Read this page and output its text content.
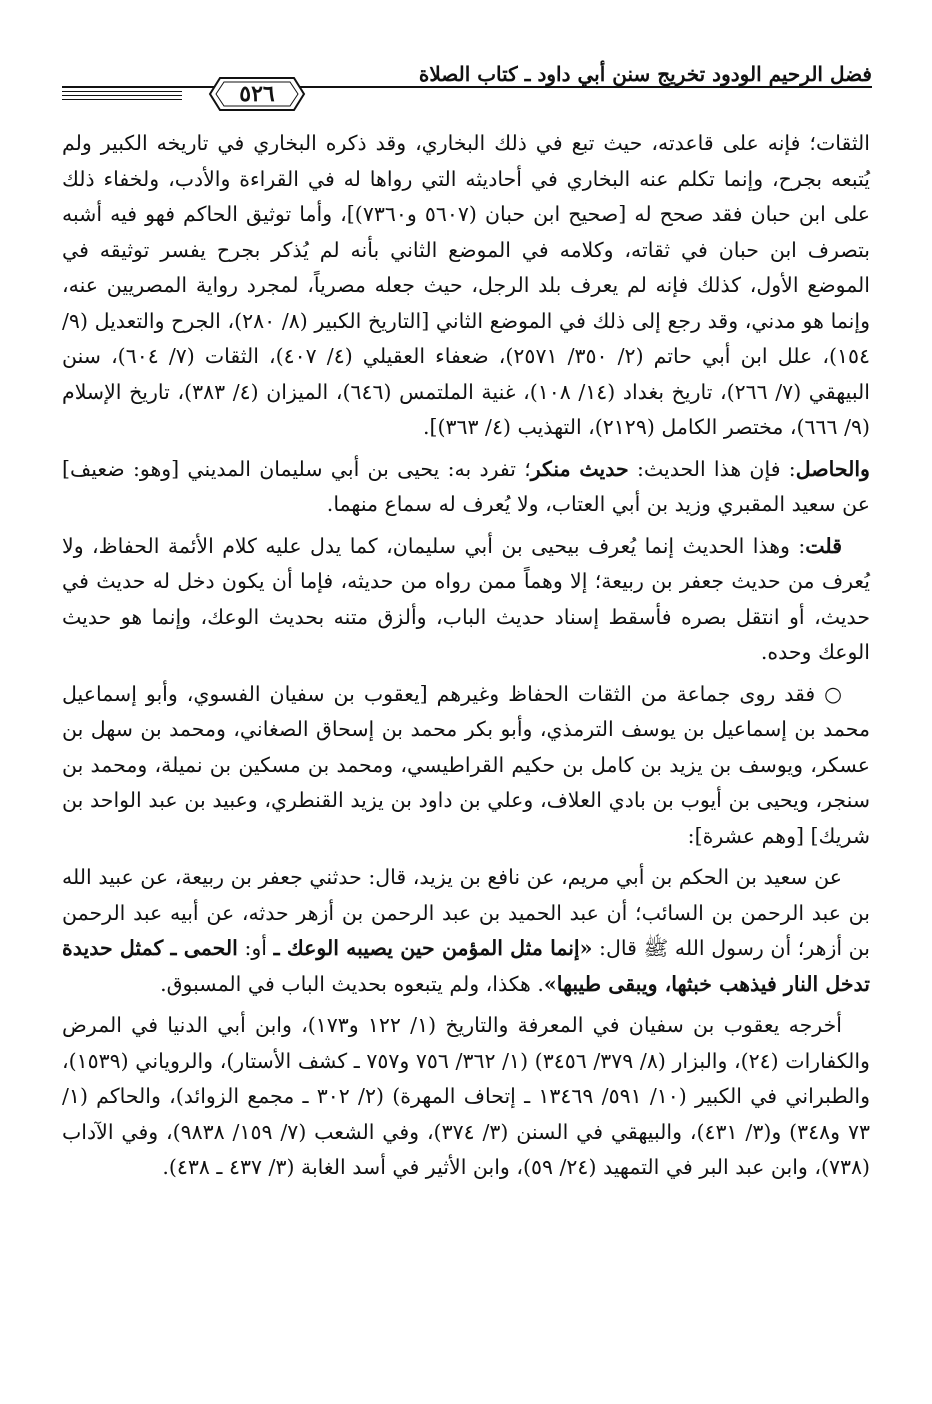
فضل الرحيم الودود تخريج سنن أبي داود ـ كتاب الصلاة
٥٢٦

الثقات؛ فإنه على قاعدته، حيث تبع في ذلك البخاري، وقد ذكره البخاري في تاريخه الكبير ولم يُتبعه بجرح، وإنما تكلم عنه البخاري في أحاديثه التي رواها له في القراءة والأدب، ولخفاء ذلك على ابن حبان فقد صحح له [صحيح ابن حبان (٥٦٠٧ و٧٣٦٠)]، وأما توثيق الحاكم فهو فيه أشبه بتصرف ابن حبان في ثقاته، وكلامه في الموضع الثاني بأنه لم يُذكر بجرح يفسر توثيقه في الموضع الأول، كذلك فإنه لم يعرف بلد الرجل، حيث جعله مصرياً، لمجرد رواية المصريين عنه، وإنما هو مدني، وقد رجع إلى ذلك في الموضع الثاني [التاريخ الكبير (٨/ ٢٨٠)، الجرح والتعديل (٩/ ١٥٤)، علل ابن أبي حاتم (٢/ ٣٥٠/ ٢٥٧١)، ضعفاء العقيلي (٤/ ٤٠٧)، الثقات (٧/ ٦٠٤)، سنن البيهقي (٧/ ٢٦٦)، تاريخ بغداد (١٤/ ١٠٨)، غنية الملتمس (٦٤٦)، الميزان (٤/ ٣٨٣)، تاريخ الإسلام (٩/ ٦٦٦)، مختصر الكامل (٢١٢٩)، التهذيب (٤/ ٣٦٣)].

والحاصل: فإن هذا الحديث: حديث منكر؛ تفرد به: يحيى بن أبي سليمان المديني [وهو: ضعيف] عن سعيد المقبري وزيد بن أبي العتاب، ولا يُعرف له سماع منهما.

قلت: وهذا الحديث إنما يُعرف بيحيى بن أبي سليمان، كما يدل عليه كلام الأئمة الحفاظ، ولا يُعرف من حديث جعفر بن ربيعة؛ إلا وهماً ممن رواه من حديثه، فإما أن يكون دخل له حديث في حديث، أو انتقل بصره فأسقط إسناد حديث الباب، وألزق متنه بحديث الوعك، وإنما هو حديث الوعك وحده.

○ فقد روى جماعة من الثقات الحفاظ وغيرهم [يعقوب بن سفيان الفسوي، وأبو إسماعيل محمد بن إسماعيل بن يوسف الترمذي، وأبو بكر محمد بن إسحاق الصغاني، ومحمد بن سهل بن عسكر، ويوسف بن يزيد بن كامل بن حكيم القراطيسي، ومحمد بن مسكين بن نميلة، ومحمد بن سنجر، ويحيى بن أيوب بن بادي العلاف، وعلي بن داود بن يزيد القنطري، وعبيد بن عبد الواحد بن شريك] [وهم عشرة]:

عن سعيد بن الحكم بن أبي مريم، عن نافع بن يزيد، قال: حدثني جعفر بن ربيعة، عن عبيد الله بن عبد الرحمن بن السائب؛ أن عبد الحميد بن عبد الرحمن بن أزهر حدثه، عن أبيه عبد الرحمن بن أزهر؛ أن رسول الله ﷺ قال: «إنما مثل المؤمن حين يصيبه الوعك ـ أو: الحمى ـ كمثل حديدة تدخل النار فيذهب خبثها، ويبقى طيبها». هكذا، ولم يتبعوه بحديث الباب في المسبوق.

أخرجه يعقوب بن سفيان في المعرفة والتاريخ (١/ ١٢٢ و١٧٣)، وابن أبي الدنيا في المرض والكفارات (٢٤)، والبزار (٨/ ٣٧٩/ ٣٤٥٦) (١/ ٣٦٢/ ٧٥٦ و٧٥٧ ـ كشف الأستار)، والروياني (١٥٣٩)، والطبراني في الكبير (١٠/ ٥٩١/ ١٣٤٦٩ ـ إتحاف المهرة) (٢/ ٣٠٢ ـ مجمع الزوائد)، والحاكم (١/ ٧٣ و٣٤٨) و(٣/ ٤٣١)، والبيهقي في السنن (٣/ ٣٧٤)، وفي الشعب (٧/ ١٥٩/ ٩٨٣٨)، وفي الآداب (٧٣٨)، وابن عبد البر في التمهيد (٢٤/ ٥٩)، وابن الأثير في أسد الغابة (٣/ ٤٣٧ ـ ٤٣٨).
